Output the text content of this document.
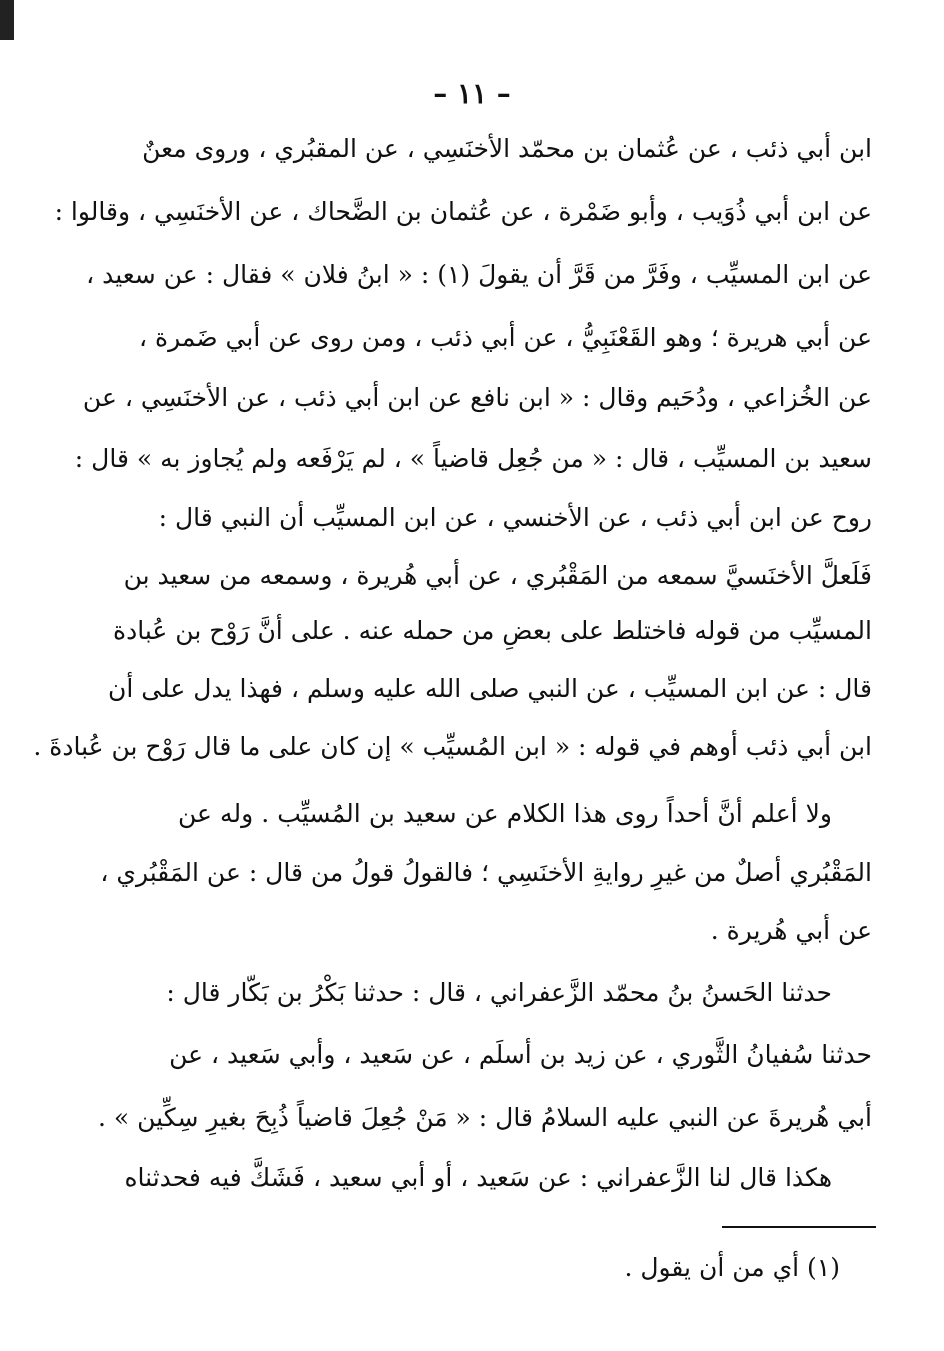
– ١١ –
ابن أبي ذئب ، عن عُثمان بن محمّد الأخنَسِي ، عن المقبُري ، وروى معنٌ
عن ابن أبي ذُوَيب ، وأبو ضَمْرة ، عن عُثمان بن الضَّحاك ، عن الأخنَسِي ، وقالوا :
عن ابن المسيِّب ، وفَرَّ من قَرَّ أن يقولَ (١) : « ابنُ فلان » فقال : عن سعيد ،
عن أبي هريرة ؛ وهو القَعْنَبِيُّ ، عن أبي ذئب ، ومن روى عن أبي ضَمرة ،
عن الخُزاعي ، ودُحَيم وقال : « ابن نافع عن ابن أبي ذئب ، عن الأخنَسِي ، عن
سعيد بن المسيِّب ، قال : « من جُعِل قاضياً » ، لم يَرْفَعه ولم يُجاوز به » قال :
روح عن ابن أبي ذئب ، عن الأخنسي ، عن ابن المسيِّب أن النبي قال :
فَلَعلَّ الأخنَسيَّ سمعه من المَقْبُري ، عن أبي هُريرة ، وسمعه من سعيد بن
المسيِّب من قوله فاختلط على بعضِ من حمله عنه . على أنَّ رَوْح بن عُبادة
قال : عن ابن المسيِّب ، عن النبي صلى الله عليه وسلم ، فهذا يدل على أن
ابن أبي ذئب أوهم في قوله : « ابن المُسيِّب » إن كان على ما قال رَوْح بن عُبادةَ .
ولا أعلم أنَّ أحداً روى هذا الكلام عن سعيد بن المُسيِّب . وله عن
المَقْبُري أصلٌ من غيرِ روايةِ الأخنَسِي ؛ فالقولُ قولُ من قال : عن المَقْبُري ،
عن أبي هُريرة .
حدثنا الحَسنُ بنُ محمّد الزَّعفراني ، قال : حدثنا بَكْرُ بن بَكّار قال :
حدثنا سُفيانُ الثَّوري ، عن زيد بن أسلَم ، عن سَعيد ، وأبي سَعيد ، عن
أبي هُريرةَ عن النبي عليه السلامُ قال : « مَنْ جُعِلَ قاضياً ذُبِحَ بغيرِ سِكِّين » .
هكذا قال لنا الزَّعفراني : عن سَعيد ، أو أبي سعيد ، فَشَكَّ فيه فحدثناه
(١) أي من أن يقول .
